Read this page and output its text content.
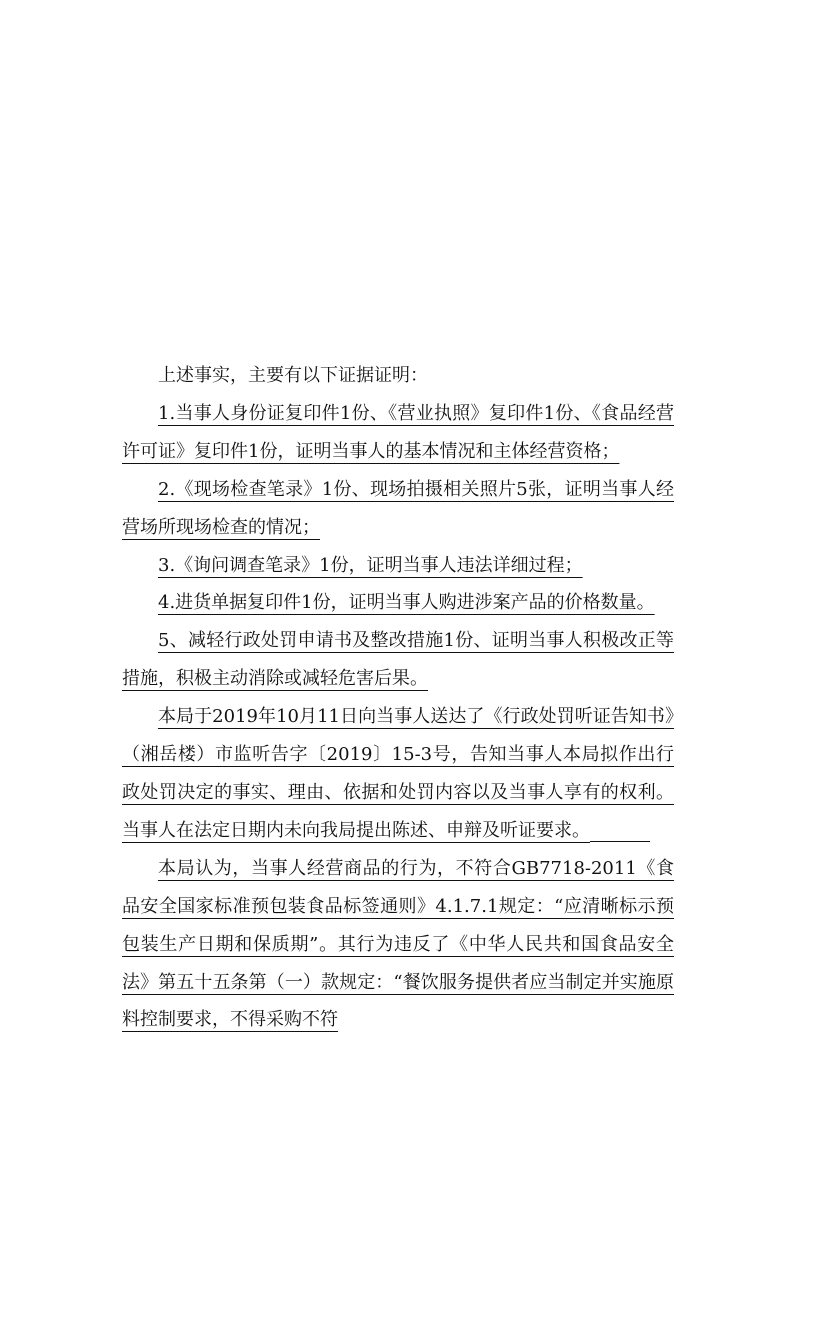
上述事实，主要有以下证据证明：

1.当事人身份证复印件1份、《营业执照》复印件1份、《食品经营许可证》复印件1份，证明当事人的基本情况和主体经营资格；

2.《现场检查笔录》1份、现场拍摄相关照片5张，证明当事人经营场所现场检查的情况；

3.《询问调查笔录》1份，证明当事人违法详细过程；

4.进货单据复印件1份，证明当事人购进涉案产品的价格数量。

5、减轻行政处罚申请书及整改措施1份、证明当事人积极改正等措施，积极主动消除或减轻危害后果。

本局于2019年10月11日向当事人送达了《行政处罚听证告知书》（湘岳楼）市监听告字〔2019〕15-3号，告知当事人本局拟作出行政处罚决定的事实、理由、依据和处罚内容以及当事人享有的权利。当事人在法定日期内未向我局提出陈述、申辩及听证要求。

本局认为，当事人经营商品的行为，不符合GB7718-2011《食品安全国家标准预包装食品标签通则》4.1.7.1规定：“应清晰标示预包装生产日期和保质期”。其行为违反了《中华人民共和国食品安全法》第五十五条第（一）款规定：“餐饮服务提供者应当制定并实施原料控制要求，不得采购不符
